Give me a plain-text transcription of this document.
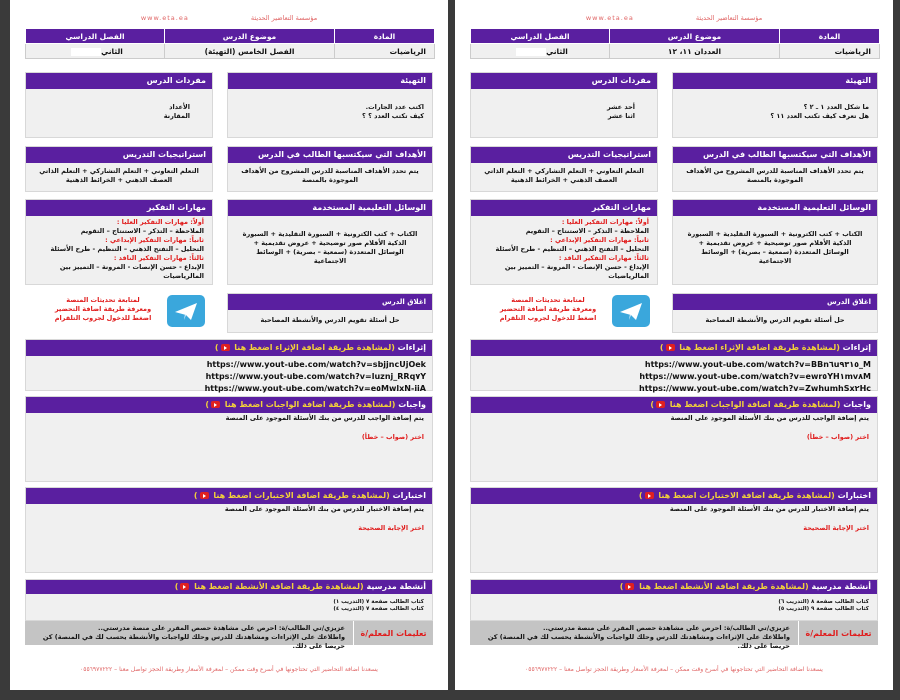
مؤسسة التعاضير الحديثة www.eta.ea
المادة	موضوع الدرس	الفصل الدراسي
الرياضيات	الفصل الخامس (التهيئة)	الثاني
التهيئة
اكتب عدد الجارات.
كيف تكتب العدد ؟ ؟
مفردات الدرس
الأعداد
المقارنة
الأهداف التي سيكتسبها الطالب في الدرس
يتم تحدد الأهداف المناسبة للدرس المشروح من الأهداف الموجودة بالمنصة
استراتيجيات التدريس
التعلم التعاوني + التعلم التشاركي + التعلم الذاتي العصف الذهني + الخرائط الذهنية
الوسائل التعليمية المستخدمة
الكتاب + كتب الكترونية + السبورة التقليدية + السبورة الذكية الأقلام صور توضيحية + عروض تقديمية + الوسائل المتعددة (سمعية – بصرية) + الوسائط الاجتماعية
مهارات التفكير
أولاً: مهارات التفكير العليا :
الملاحظة – التذكر – الاستنتاج – التقويم
ثانياً: مهارات التفكير الإبداعي :
التحليل – التفتح الذهني – التنظيم - طرح الأسئلة
ثالثاً: مهارات التفكير الناقد :
الإبداع - حسن الإنصات - المرونة – التمييز بين المالرياضيات
اغلاق الدرس
حل أسئلة تقويم الدرس والأنشطة المصاحبة
لمتابعة تحديثات المنصة
ومعرفة طريقة اضافة التحضير
اضغط للدخول لجروب التلقرام
إثراءات (لمشاهدة طريقة اضافة الإثراء اضغط هنا )
https://www.yout-ube.com/watch?v=sbjjncUjOek
https://www.yout-ube.com/watch?v=luznj_RRq٧Y
https://www.yout-ube.com/watch?v=e٥MwlxN-iiA
واجبات (لمشاهدة طريقة اضافة الواجبات اضغط هنا )
يتم إضافة الواجب للدرس من بنك الأسئلة الموجود على المنصة
اختر (صواب – خطأ)
اختبارات (لمشاهدة طريقة اضافة الاختبارات اضغط هنا )
يتم إضافة الاختبار للدرس من بنك الأسئلة الموجود على المنصة
اختر الإجابة الصحيحة
أنشطة مدرسية (لمشاهدة طريقة اضافة الأنشطة اضغط هنا )
كتاب الطالب صفحة ٧ (التدريب ١)
كتاب الطالب صفحة ٧ (التدريب ٤)
تعليمات المعلم/ة
عزيزي/تي الطالب/ة: احرص على مشاهدة حصص المقرر على منصة مدرستي..
واطلاعك على الإثراءات ومشاهدتك للدرس وحلك للواجبات والأنشطة يحسب لك في المنصة) كن حريصا على ذلك.
يسعدنا اضافة التحاضير التي تحتاجونها في أسرع وقت ممكن – لمعرفة الأسعار وطريقة الحجز تواصل معنا – ٠٥٥٦٩٧٧٢٢٢
مؤسسة التعاضير الحديثة www.eta.ea
المادة	موضوع الدرس	الفصل الدراسي
الرياضيات	العددان ١١، ١٢	الثاني
التهيئة
ما شكل العدد ١ ـ ٢ ؟
هل تعرف كيف تكتب العدد ١١ ؟
مفردات الدرس
أحد عشر
اثنا عشر
الأهداف التي سيكتسبها الطالب في الدرس
يتم تحدد الأهداف المناسبة للدرس المشروح من الأهداف الموجودة بالمنصة
استراتيجيات التدريس
التعلم التعاوني + التعلم التشاركي + التعلم الذاتي العصف الذهني + الخرائط الذهنية
الوسائل التعليمية المستخدمة
الكتاب + كتب الكترونية + السبورة التقليدية + السبورة الذكية الأقلام صور توضيحية + عروض تقديمية + الوسائل المتعددة (سمعية – بصرية) + الوسائط الاجتماعية
مهارات التفكير
أولاً: مهارات التفكير العليا :
الملاحظة – التذكر – الاستنتاج – التقويم
ثانياً: مهارات التفكير الإبداعي :
التحليل – التفتح الذهني – التنظيم - طرح الأسئلة
ثالثاً: مهارات التفكير الناقد :
الإبداع - حسن الإنصات - المرونة – التمييز بين المالرياضيات
اغلاق الدرس
حل أسئلة تقويم الدرس والأنشطة المصاحبة
لمتابعة تحديثات المنصة
ومعرفة طريقة اضافة التحضير
اضغط للدخول لجروب التلقرام
إثراءات (لمشاهدة طريقة اضافة الإثراء اضغط هنا )
https://www.yout-ube.com/watch?v=BBn٦u٩٣١٥_M
https://www.yout-ube.com/watch?v=ewr٥YH١mv٨M
https://www.yout-ube.com/watch?v=ZwhumhSx٢Hc
واجبات (لمشاهدة طريقة اضافة الواجبات اضغط هنا )
يتم إضافة الواجب للدرس من بنك الأسئلة الموجود على المنصة
اختر (صواب – خطأ)
اختبارات (لمشاهدة طريقة اضافة الاختبارات اضغط هنا )
يتم إضافة الاختبار للدرس من بنك الأسئلة الموجود على المنصة
اختر الإجابة الصحيحة
أنشطة مدرسية (لمشاهدة طريقة اضافة الأنشطة اضغط هنا )
كتاب الطالب صفحة ٨ (التدريب ٦)
كتاب الطالب صفحة ٩ (التدريب ٥)
تعليمات المعلم/ة
عزيزي/تي الطالب/ة: احرص على مشاهدة حصص المقرر على منصة مدرستي..
واطلاعك على الإثراءات ومشاهدتك للدرس وحلك للواجبات والأنشطة يحسب لك في المنصة) كن حريصا على ذلك.
يسعدنا اضافة التحاضير التي تحتاجونها في أسرع وقت ممكن – لمعرفة الأسعار وطريقة الحجز تواصل معنا – ٠٥٥٦٩٧٧٢٢٢
